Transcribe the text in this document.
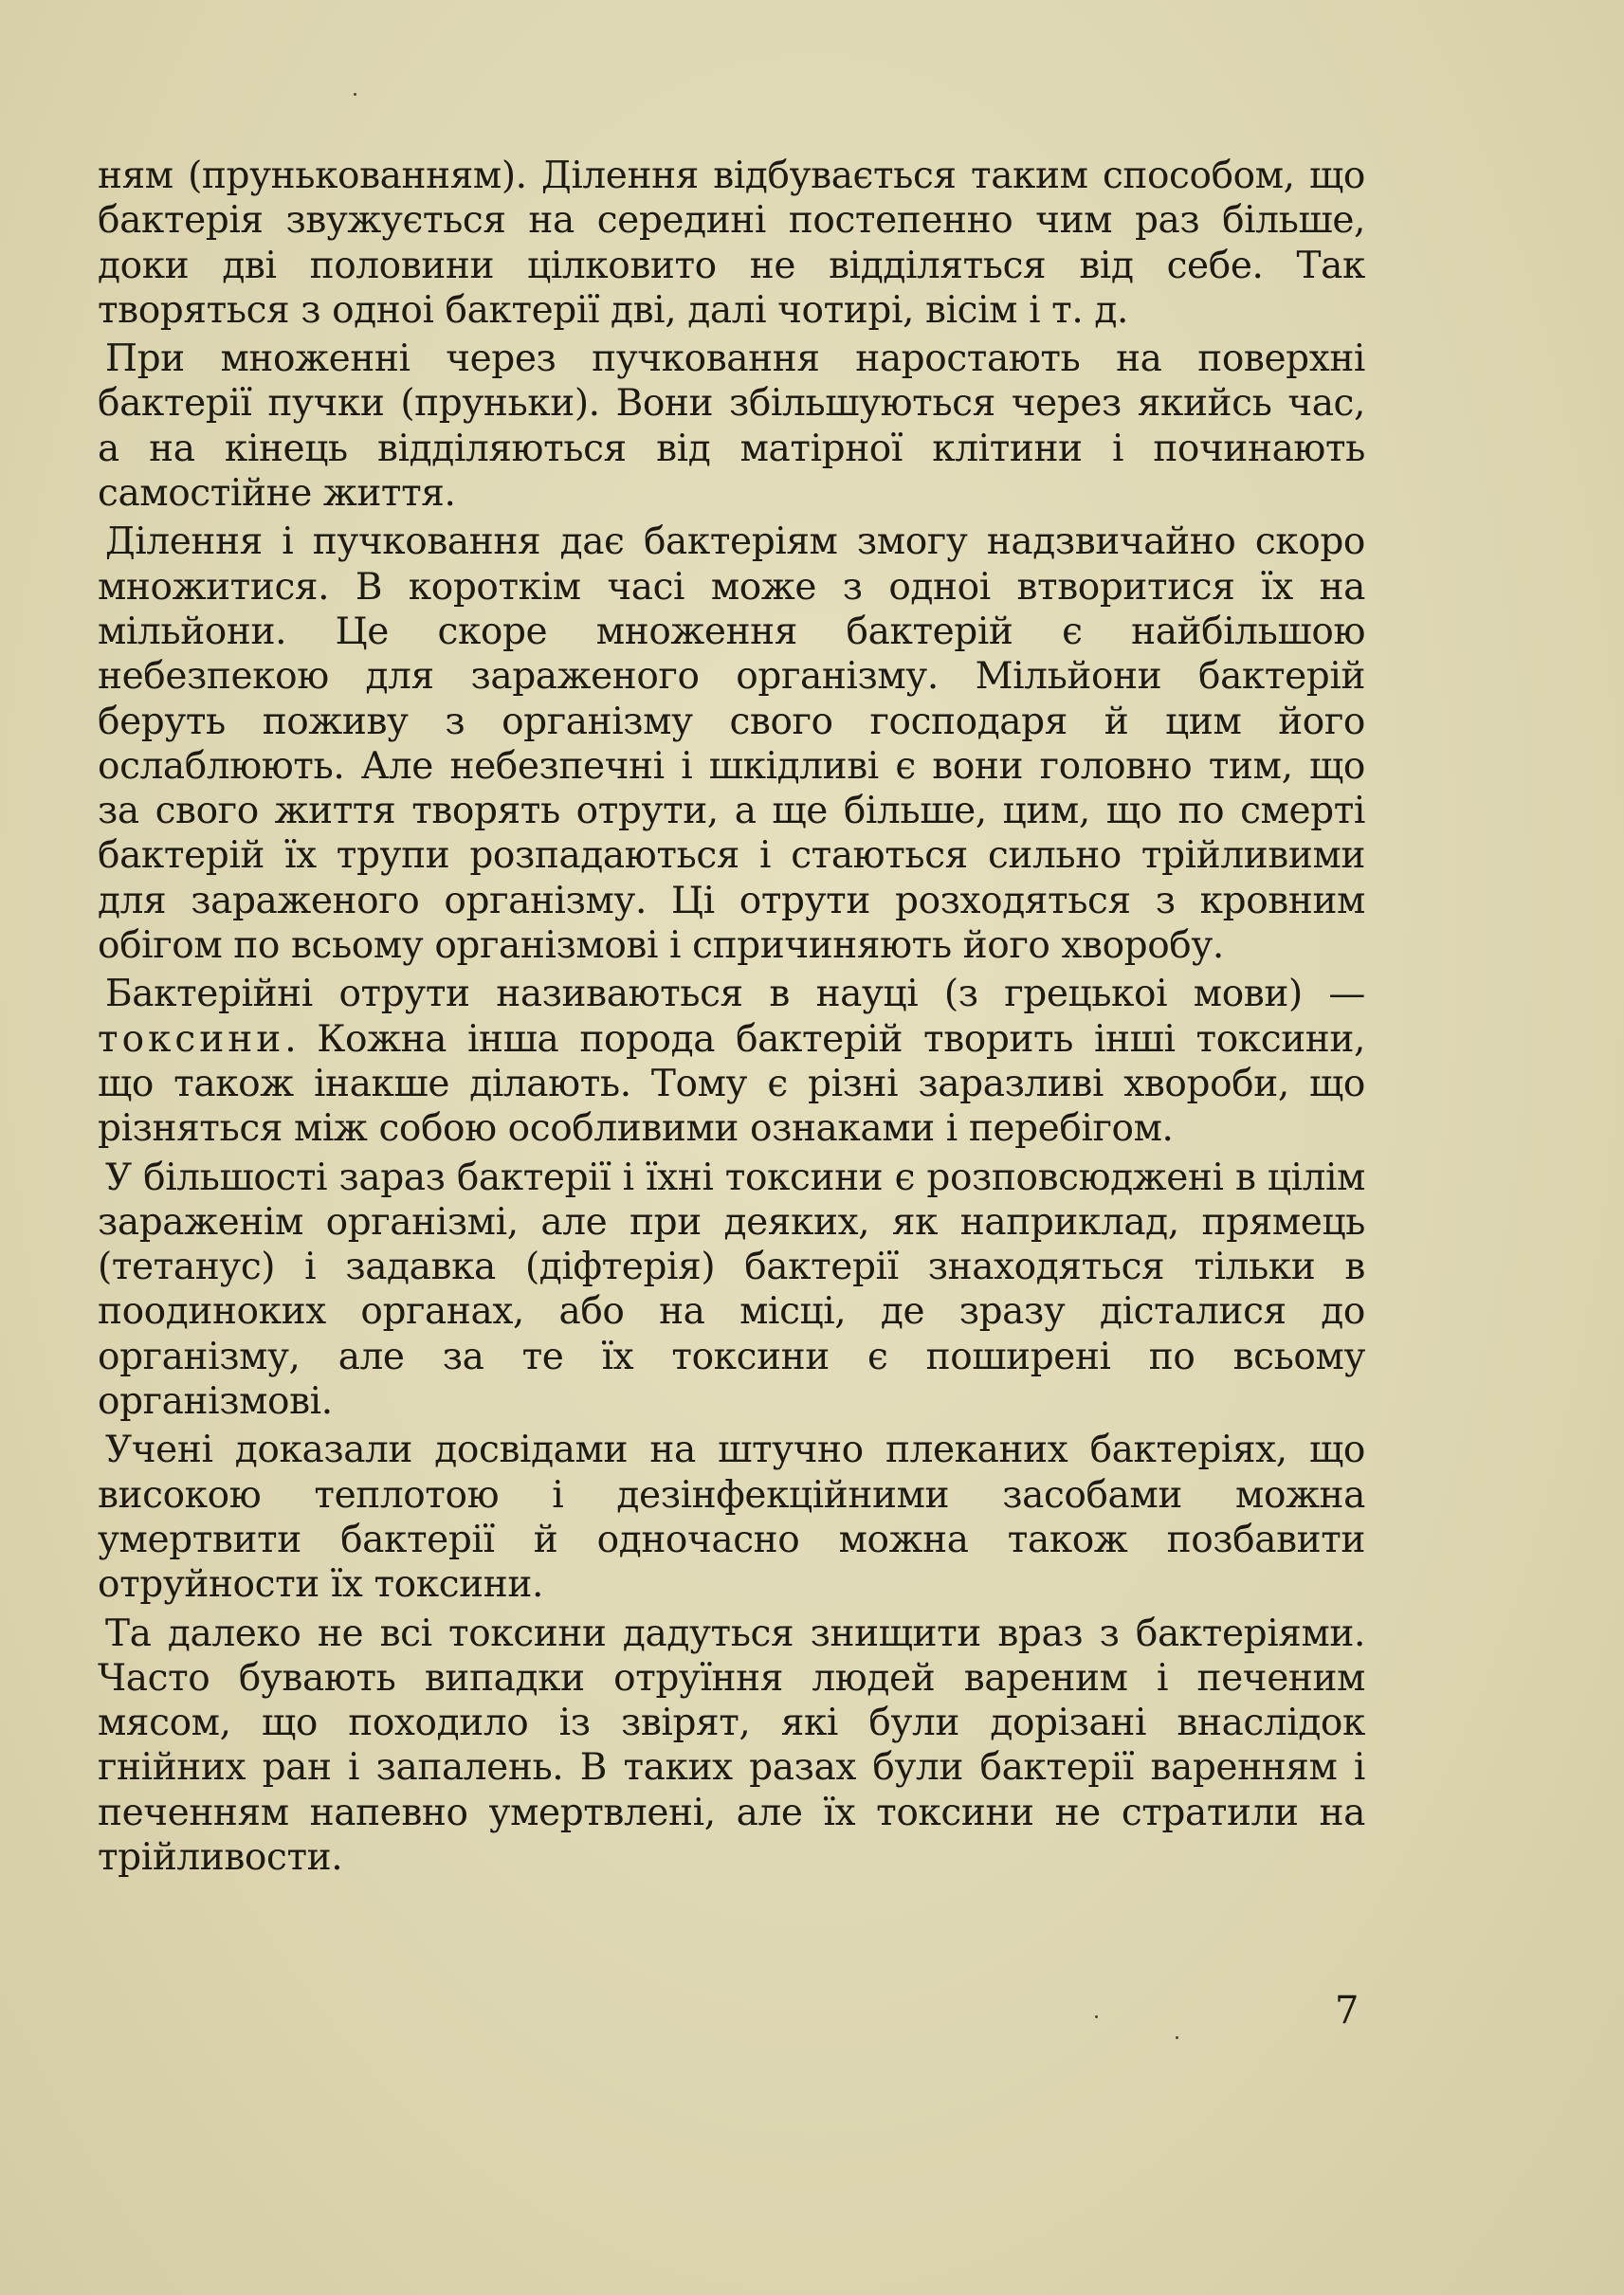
ням (прунькованням). Ділення відбувається таким способом, що бактерія звужується на середині постепенно чим раз більше, доки дві половини цілковито не відділяться від себе. Так творяться з одноі бактерії дві, далі чотирі, вісім і т. д.

При множенні через пучковання наростають на поверхні бактерії пучки (пруньки). Вони збільшуються через якийсь час, а на кінець відділяються від матірної клітини і починають самостійне життя.

Ділення і пучковання дає бактеріям змогу надзвичайно скоро множитися. В короткім часі може з одноі втворитися їх на мільйони. Це скоре множення бактерій є найбільшою небезпекою для зараженого організму. Мільйони бактерій беруть поживу з організму свого господаря й цим його ослаблюють. Але небезпечні і шкідливі є вони головно тим, що за свого життя творять отрути, а ще більше, цим, що по смерті бактерій їх трупи розпадаються і стаються сильно трійливими для зараженого організму. Ці отрути розходяться з кровним обігом по всьому організмові і спричиняють його хворобу.

Бактерійні отрути називаються в науці (з грецькоі мови) — токсини. Кожна інша порода бактерій творить інші токсини, що також інакше ділають. Тому є різні заразливі хвороби, що різняться між собою особливими ознаками і перебігом.

У більшості зараз бактерії і їхні токсини є розповсюджені в цілім зараженім організмі, але при деяких, як наприклад, прямець (тетанус) і задавка (діфтерія) бактерії знаходяться тільки в поодиноких органах, або на місці, де зразу дісталися до організму, але за те їх токсини є поширені по всьому організмові.

Учені доказали досвідами на штучно плеканих бактеріях, що високою теплотою і дезінфекційними засобами можна умертвити бактерії й одночасно можна також позбавити отруйности їх токсини.

Та далеко не всі токсини дадуться знищити враз з бактеріями. Часто бувають випадки отруїння людей вареним і печеним мясом, що походило із звірят, які були дорізані внаслідок гнійних ран і запалень. В таких разах були бактерії варенням і печенням напевно умертвлені, але їх токсини не стратили на трійливости.

7
